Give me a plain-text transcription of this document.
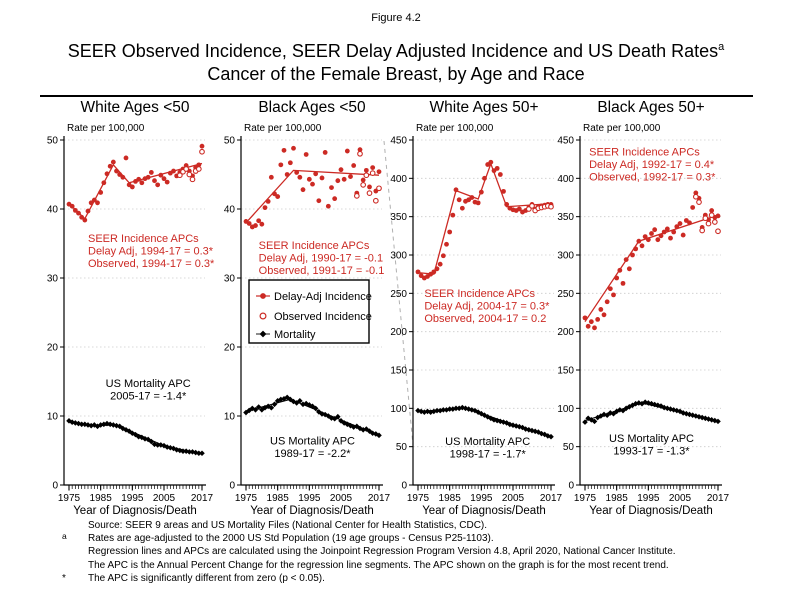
Figure 4.2
SEER Observed Incidence, SEER Delay Adjusted Incidence and US Death Rates$^a$
Cancer of the Female Breast, by Age and Race
White Ages <50	Black Ages <50	White Ages 50+	Black Ages 50+
0
10
20
30
40
50
1975 1985 1995 2005 2017
Year of Diagnosis/Death
Rate per 100,000
SEER Incidence APCs
Delay Adj, 1994-17 = 0.3*
Observed, 1994-17 = 0.3*
US Mortality APC
2005-17 = -1.4*
0
10
20
30
40
50
1975 1985 1995 2005 2017
Year of Diagnosis/Death
Rate per 100,000
SEER Incidence APCs
Delay Adj, 1990-17 = -0.1
Observed, 1991-17 = -0.1
US Mortality APC
1989-17 = -2.2*
Delay-Adj Incidence
Observed Incidence
Mortality
0
50
100
150
200
250
300
350
400
450
1975 1985 1995 2005 2017
Year of Diagnosis/Death
Rate per 100,000
SEER Incidence APCs
Delay Adj, 2004-17 = 0.3*
Observed, 2004-17 = 0.2
US Mortality APC
1998-17 = -1.7*
0
50
100
150
200
250
300
350
400
450
1975 1985 1995 2005 2017
Year of Diagnosis/Death
Rate per 100,000
SEER Incidence APCs
Delay Adj, 1992-17 = 0.4*
Observed, 1992-17 = 0.3*
US Mortality APC
1993-17 = -1.3*
Source: SEER 9 areas and US Mortality Files (National Center for Health Statistics, CDC).
a Rates are age-adjusted to the 2000 US Std Population (19 age groups - Census P25-1103).
Regression lines and APCs are calculated using the Joinpoint Regression Program Version 4.8, April 2020, National Cancer Institute.
The APC is the Annual Percent Change for the regression line segments. The APC shown on the graph is for the most recent trend.
* The APC is significantly different from zero (p < 0.05).
